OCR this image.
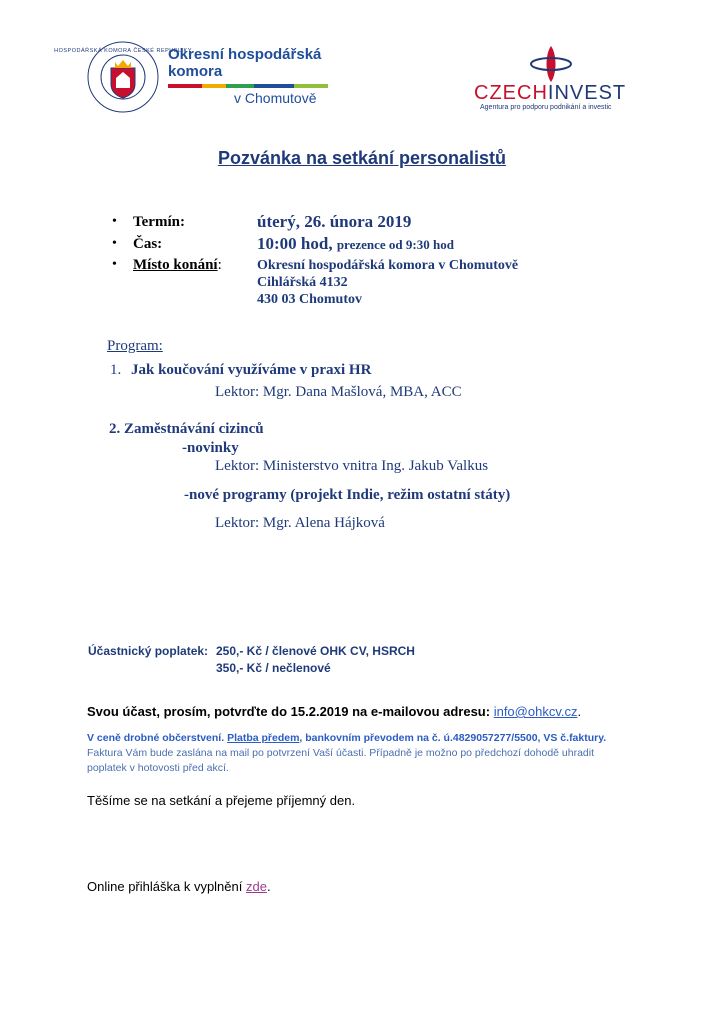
HOSPODÁŘSKÁ KOMORA ČESKÉ REPUBLIKY
Okresní hospodářská
komora
v Chomutově	CZECHINVEST
Agentura pro podporu podnikání a investic
Pozvánka na setkání personalistů
• Termín:	úterý, 26. února 2019
• Čas:	10:00 hod, prezence od 9:30 hod
• Místo konání:	Okresní hospodářská komora v Chomutově
Cihlářská 4132
430 03 Chomutov
Program:
1. Jak koučování využíváme v praxi HR
Lektor: Mgr. Dana Mašlová, MBA, ACC
2. Zaměstnávání cizinců
-novinky
Lektor: Ministerstvo vnitra Ing. Jakub Valkus
-nové programy (projekt Indie, režim ostatní státy)
Lektor: Mgr. Alena Hájková
Účastnický poplatek: 250,- Kč / členové OHK CV, HSRCH
350,- Kč / nečlenové
Svou účast, prosím, potvrďte do 15.2.2019 na e-mailovou adresu: info@ohkcv.cz.
V ceně drobné občerstvení. Platba předem, bankovním převodem na č. ú.4829057277/5500, VS č.faktury.
Faktura Vám bude zaslána na mail po potvrzení Vaší účasti. Případně je možno po předchozí dohodě uhradit
poplatek v hotovosti před akcí.
Těšíme se na setkání a přejeme příjemný den.
Online přihláška k vyplnění zde.
